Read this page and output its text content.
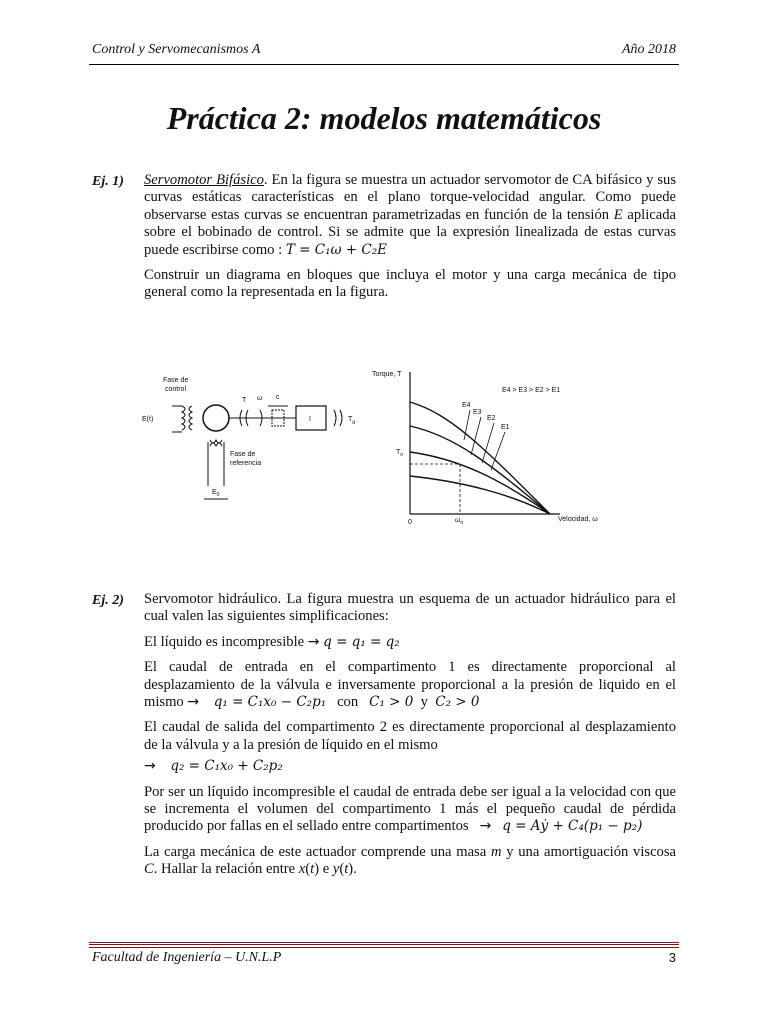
Control y Servomecanismos A	Año 2018
Práctica 2: modelos matemáticos
Ej. 1) Servomotor Bifásico. En la figura se muestra un actuador servomotor de CA bifásico y sus curvas estáticas características en el plano torque-velocidad angular. Como puede observarse estas curvas se encuentran parametrizadas en función de la tensión E aplicada sobre el bobinado de control. Si se admite que la expresión linealizada de estas curvas puede escribirse como : T = C₁ω + C₂E

Construir un diagrama en bloques que incluya el motor y una carga mecánica de tipo general como la representada en la figura.

Fase de
control
E(t)
T ω c
I	$T_d$
Fase de
referencia
$E_0$
Torque, T
Velocidad, ω
E4 > E3 > E2 > E1
0
E4
E3
E2
E1
$T_o$
$\omega_o$
Ej. 2) Servomotor hidráulico. La figura muestra un esquema de un actuador hidráulico para el cual valen las siguientes simplificaciones:

El líquido es incompresible → q = q₁ = q₂

El caudal de entrada en el compartimento 1 es directamente proporcional al desplazamiento de la válvula e inversamente proporcional a la presión de liquido en el mismo → q₁ = C₁x₀ − C₂p₁ con C₁ > 0 y C₂ > 0

El caudal de salida del compartimento 2 es directamente proporcional al desplazamiento de la válvula y a la presión de líquido en el mismo

→ q₂ = C₁x₀ + C₂p₂

Por ser un líquido incompresible el caudal de entrada debe ser igual a la velocidad con que se incrementa el volumen del compartimento 1 más el pequeño caudal de pérdida producido por fallas en el sellado entre compartimentos   → q = Aẏ + C₄(p₁ − p₂)

La carga mecánica de este actuador comprende una masa m y una amortiguación viscosa C. Hallar la relación entre x(t) e y(t).

Facultad de Ingeniería – U.N.L.P	3
